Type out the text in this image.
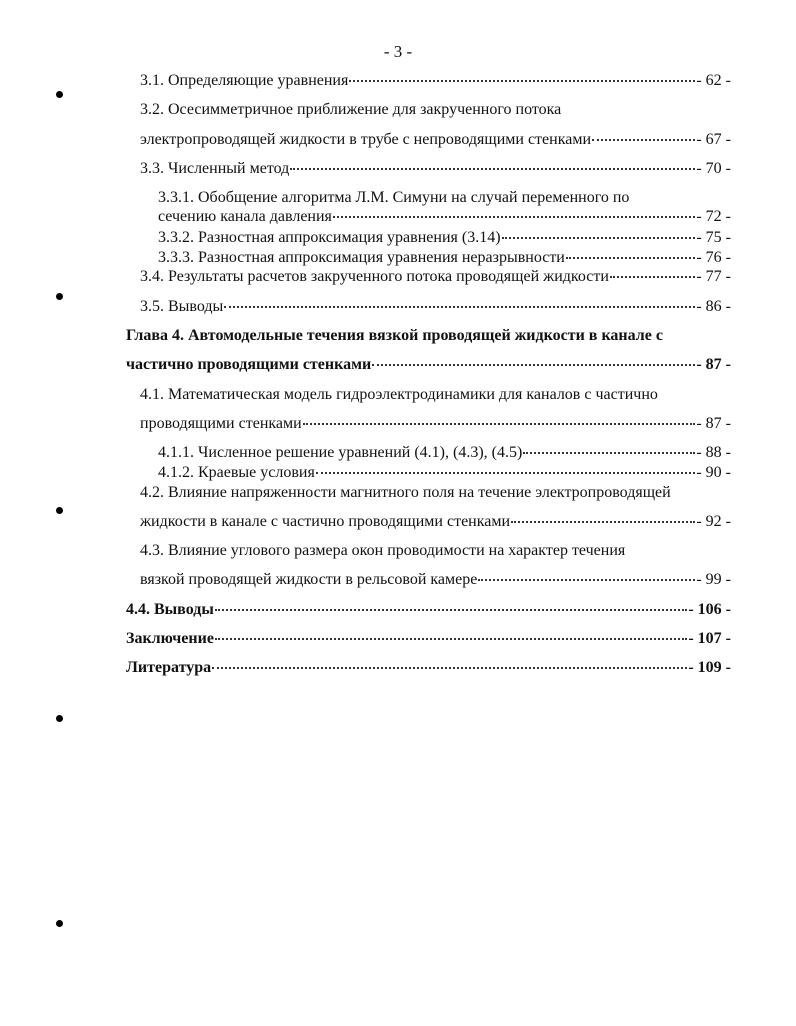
- 3 -
3.1. Определяющие уравнения	- 62 -
3.2. Осесимметричное приближение для закрученного потока
электропроводящей жидкости в трубе с непроводящими стенками	- 67 -
3.3. Численный метод	- 70 -
3.3.1. Обобщение алгоритма Л.М. Симуни на случай переменного по
сечению канала давления	- 72 -
3.3.2. Разностная аппроксимация уравнения (3.14)	- 75 -
3.3.3. Разностная аппроксимация уравнения неразрывности	- 76 -
3.4. Результаты расчетов закрученного потока проводящей жидкости	- 77 -
3.5. Выводы	- 86 -
Глава 4. Автомодельные течения вязкой проводящей жидкости в канале с
частично проводящими стенками	- 87 -
4.1. Математическая модель гидроэлектродинамики для каналов с частично
проводящими стенками	- 87 -
4.1.1. Численное решение уравнений (4.1), (4.3), (4.5)	- 88 -
4.1.2. Краевые условия	- 90 -
4.2. Влияние напряженности магнитного поля на течение электропроводящей
жидкости в канале с частично проводящими стенками	- 92 -
4.3. Влияние углового размера окон проводимости на характер течения
вязкой проводящей жидкости в рельсовой камере	- 99 -
4.4. Выводы	- 106 -
Заключение	- 107 -
Литература	- 109 -
